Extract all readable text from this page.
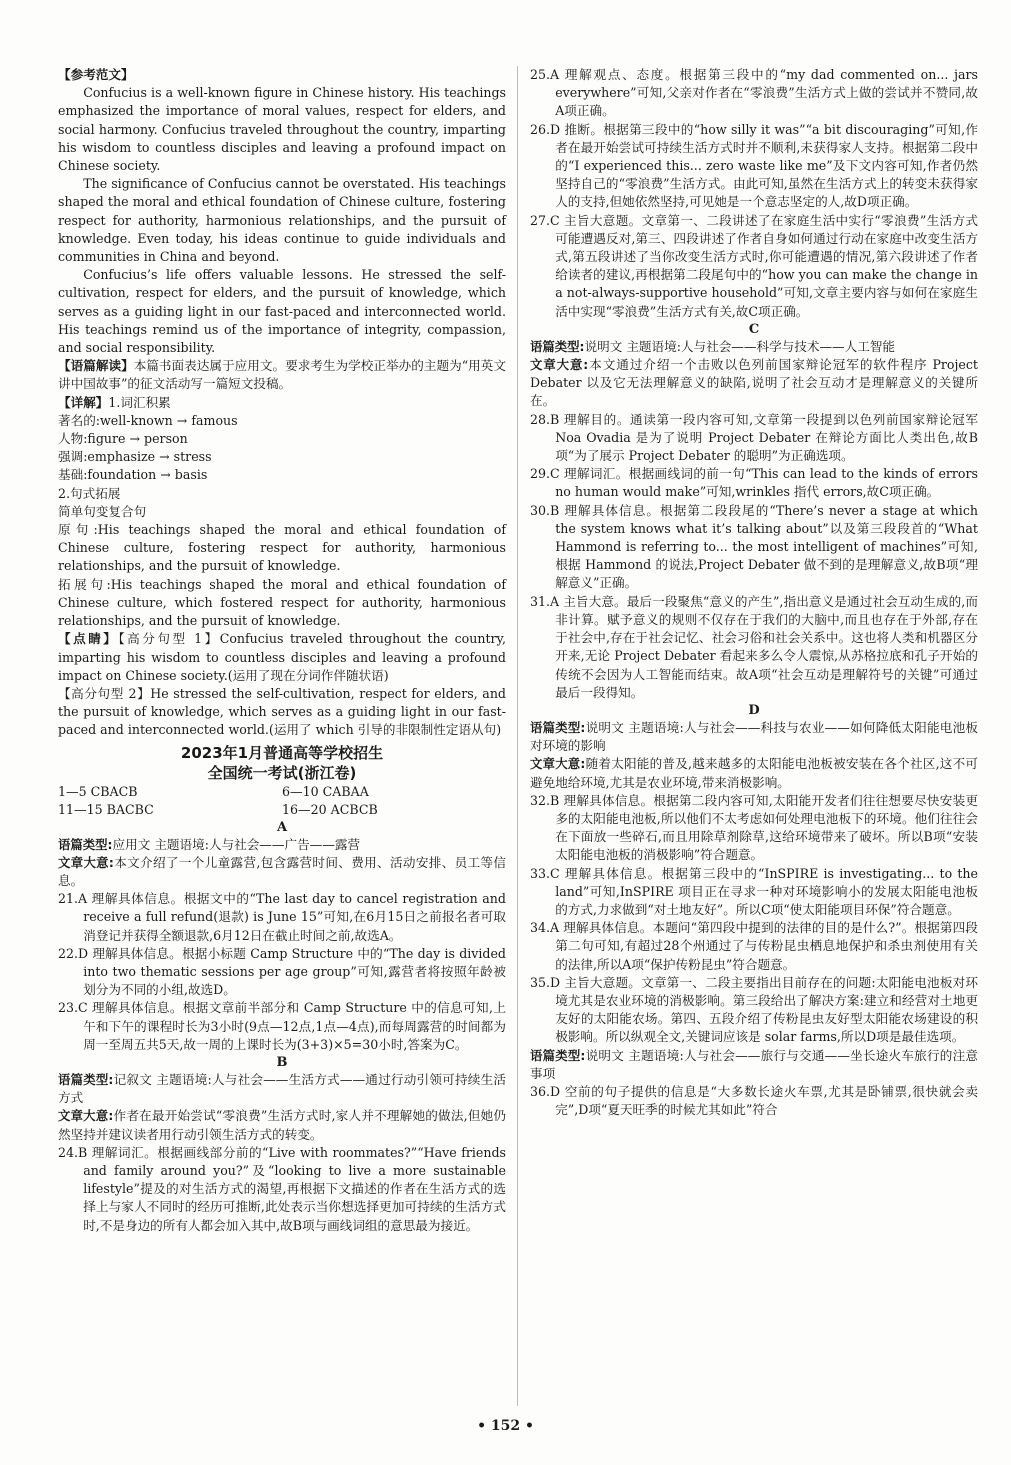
【参考范文】

Confucius is a well-known figure in Chinese history. His teachings emphasized the importance of moral values, respect for elders, and social harmony. Confucius traveled throughout the country, imparting his wisdom to countless disciples and leaving a profound impact on Chinese society.

The significance of Confucius cannot be overstated. His teachings shaped the moral and ethical foundation of Chinese culture, fostering respect for authority, harmonious relationships, and the pursuit of knowledge. Even today, his ideas continue to guide individuals and communities in China and beyond.

Confucius’s life offers valuable lessons. He stressed the self-cultivation, respect for elders, and the pursuit of knowledge, which serves as a guiding light in our fast-paced and interconnected world. His teachings remind us of the importance of integrity, compassion, and social responsibility.

【语篇解读】本篇书面表达属于应用文。要求考生为学校正举办的主题为“用英文讲中国故事”的征文活动写一篇短文投稿。

【详解】1.词汇积累

著名的:well-known → famous

人物:figure → person

强调:emphasize → stress

基础:foundation → basis

2.句式拓展

简单句变复合句

原句:His teachings shaped the moral and ethical foundation of Chinese culture, fostering respect for authority, harmonious relationships, and the pursuit of knowledge.

拓展句:His teachings shaped the moral and ethical foundation of Chinese culture, which fostered respect for authority, harmonious relationships, and the pursuit of knowledge.

【点睛】【高分句型 1】Confucius traveled throughout the country, imparting his wisdom to countless disciples and leaving a profound impact on Chinese society.(运用了现在分词作伴随状语)

【高分句型 2】He stressed the self-cultivation, respect for elders, and the pursuit of knowledge, which serves as a guiding light in our fast-paced and interconnected world.(运用了 which 引导的非限制性定语从句)

2023年1月普通高等学校招生
全国统一考试(浙江卷)
1—5 CBACB	6—10 CABAA
11—15 BACBC	16—20 ACBCB
A

语篇类型:应用文 主题语境:人与社会——广告——露营

文章大意:本文介绍了一个儿童露营,包含露营时间、费用、活动安排、员工等信息。

21.A 理解具体信息。根据文中的“The last day to cancel registration and receive a full refund(退款) is June 15”可知,在6月15日之前报名者可取消登记并获得全额退款,6月12日在截止时间之前,故选A。

22.D 理解具体信息。根据小标题 Camp Structure 中的“The day is divided into two thematic sessions per age group”可知,露营者将按照年龄被划分为不同的小组,故选D。

23.C 理解具体信息。根据文章前半部分和 Camp Structure 中的信息可知,上午和下午的课程时长为3小时(9点—12点,1点—4点),而每周露营的时间都为周一至周五共5天,故一周的上课时长为(3+3)×5=30小时,答案为C。

B

语篇类型:记叙文 主题语境:人与社会——生活方式——通过行动引领可持续生活方式

文章大意:作者在最开始尝试“零浪费”生活方式时,家人并不理解她的做法,但她仍然坚持并建议读者用行动引领生活方式的转变。

24.B 理解词汇。根据画线部分前的“Live with roommates?”“Have friends and family around you?”及“looking to live a more sustainable lifestyle”提及的对生活方式的渴望,再根据下文描述的作者在生活方式的选择上与家人不同时的经历可推断,此处表示当你想选择更加可持续的生活方式时,不是身边的所有人都会加入其中,故B项与画线词组的意思最为接近。

25.A 理解观点、态度。根据第三段中的“my dad commented on... jars everywhere”可知,父亲对作者在“零浪费”生活方式上做的尝试并不赞同,故A项正确。

26.D 推断。根据第三段中的“how silly it was”“a bit discouraging”可知,作者在最开始尝试可持续生活方式时并不顺利,未获得家人支持。根据第二段中的“I experienced this... zero waste like me”及下文内容可知,作者仍然坚持自己的“零浪费”生活方式。由此可知,虽然在生活方式上的转变未获得家人的支持,但她依然坚持,可见她是一个意志坚定的人,故D项正确。

27.C 主旨大意题。文章第一、二段讲述了在家庭生活中实行“零浪费”生活方式可能遭遇反对,第三、四段讲述了作者自身如何通过行动在家庭中改变生活方式,第五段讲述了当你改变生活方式时,你可能遭遇的情况,第六段讲述了作者给读者的建议,再根据第二段尾句中的“how you can make the change in a not-always-supportive household”可知,文章主要内容与如何在家庭生活中实现“零浪费”生活方式有关,故C项正确。

C

语篇类型:说明文 主题语境:人与社会——科学与技术——人工智能

文章大意:本文通过介绍一个击败以色列前国家辩论冠军的软件程序 Project Debater 以及它无法理解意义的缺陷,说明了社会互动才是理解意义的关键所在。

28.B 理解目的。通读第一段内容可知,文章第一段提到以色列前国家辩论冠军 Noa Ovadia 是为了说明 Project Debater 在辩论方面比人类出色,故B项“为了展示 Project Debater 的聪明”为正确选项。

29.C 理解词汇。根据画线词的前一句“This can lead to the kinds of errors no human would make”可知,wrinkles 指代 errors,故C项正确。

30.B 理解具体信息。根据第二段段尾的“There’s never a stage at which the system knows what it’s talking about”以及第三段段首的“What Hammond is referring to... the most intelligent of machines”可知,根据 Hammond 的说法,Project Debater 做不到的是理解意义,故B项“理解意义”正确。

31.A 主旨大意。最后一段聚焦“意义的产生”,指出意义是通过社会互动生成的,而非计算。赋予意义的规则不仅存在于我们的大脑中,而且也存在于外部,存在于社会中,存在于社会记忆、社会习俗和社会关系中。这也将人类和机器区分开来,无论 Project Debater 看起来多么令人震惊,从苏格拉底和孔子开始的传统不会因为人工智能而结束。故A项“社会互动是理解符号的关键”可通过最后一段得知。

D

语篇类型:说明文 主题语境:人与社会——科技与农业——如何降低太阳能电池板对环境的影响

文章大意:随着太阳能的普及,越来越多的太阳能电池板被安装在各个社区,这不可避免地给环境,尤其是农业环境,带来消极影响。

32.B 理解具体信息。根据第二段内容可知,太阳能开发者们往往想要尽快安装更多的太阳能电池板,所以他们不太考虑如何处理电池板下的环境。他们往往会在下面放一些碎石,而且用除草剂除草,这给环境带来了破坏。所以B项“安装太阳能电池板的消极影响”符合题意。

33.C 理解具体信息。根据第三段中的“InSPIRE is investigating... to the land”可知,InSPIRE 项目正在寻求一种对环境影响小的发展太阳能电池板的方式,力求做到“对土地友好”。所以C项“使太阳能项目环保”符合题意。

34.A 理解具体信息。本题问“第四段中提到的法律的目的是什么?”。根据第四段第二句可知,有超过28个州通过了与传粉昆虫栖息地保护和杀虫剂使用有关的法律,所以A项“保护传粉昆虫”符合题意。

35.D 主旨大意题。文章第一、二段主要指出目前存在的问题:太阳能电池板对环境尤其是农业环境的消极影响。第三段给出了解决方案:建立和经营对土地更友好的太阳能农场。第四、五段介绍了传粉昆虫友好型太阳能农场建设的积极影响。所以纵观全文,关键词应该是 solar farms,所以D项是最佳选项。

语篇类型:说明文 主题语境:人与社会——旅行与交通——坐长途火车旅行的注意事项

36.D 空前的句子提供的信息是“大多数长途火车票,尤其是卧铺票,很快就会卖完”,D项“夏天旺季的时候尤其如此”符合

• 152 •
